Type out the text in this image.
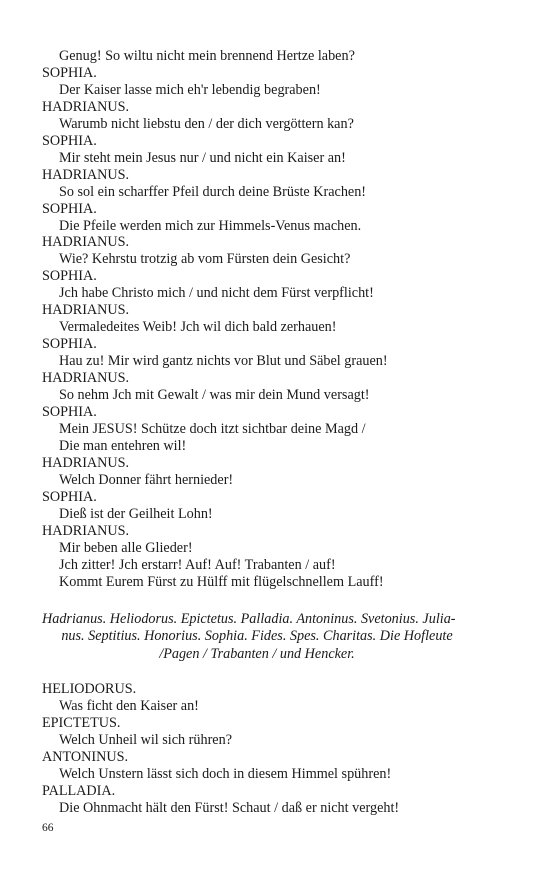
Genug! So wiltu nicht mein brennend Hertze laben?
SOPHIA.
Der Kaiser lasse mich eh'r lebendig begraben!
HADRIANUS.
Warumb nicht liebstu den / der dich vergöttern kan?
SOPHIA.
Mir steht mein Jesus nur / und nicht ein Kaiser an!
HADRIANUS.
So sol ein scharffer Pfeil durch deine Brüste Krachen!
SOPHIA.
Die Pfeile werden mich zur Himmels-Venus machen.
HADRIANUS.
Wie? Kehrstu trotzig ab vom Fürsten dein Gesicht?
SOPHIA.
Jch habe Christo mich / und nicht dem Fürst verpflicht!
HADRIANUS.
Vermaledeites Weib! Jch wil dich bald zerhauen!
SOPHIA.
Hau zu! Mir wird gantz nichts vor Blut und Säbel grauen!
HADRIANUS.
So nehm Jch mit Gewalt / was mir dein Mund versagt!
SOPHIA.
Mein JESUS! Schütze doch itzt sichtbar deine Magd /
Die man entehren wil!
HADRIANUS.
Welch Donner fährt hernieder!
SOPHIA.
Dieß ist der Geilheit Lohn!
HADRIANUS.
Mir beben alle Glieder!
Jch zitter! Jch erstarr! Auf! Auf! Trabanten / auf!
Kommt Eurem Fürst zu Hülff mit flügelschnellem Lauff!
Hadrianus. Heliodorus. Epictetus. Palladia. Antoninus. Svetonius. Julia-
nus. Septitius. Honorius. Sophia. Fides. Spes. Charitas. Die Hofleute
/Pagen / Trabanten / und Hencker.
HELIODORUS.
Was ficht den Kaiser an!
EPICTETUS.
Welch Unheil wil sich rühren?
ANTONINUS.
Welch Unstern lässt sich doch in diesem Himmel spühren!
PALLADIA.
Die Ohnmacht hält den Fürst! Schaut / daß er nicht vergeht!
66
